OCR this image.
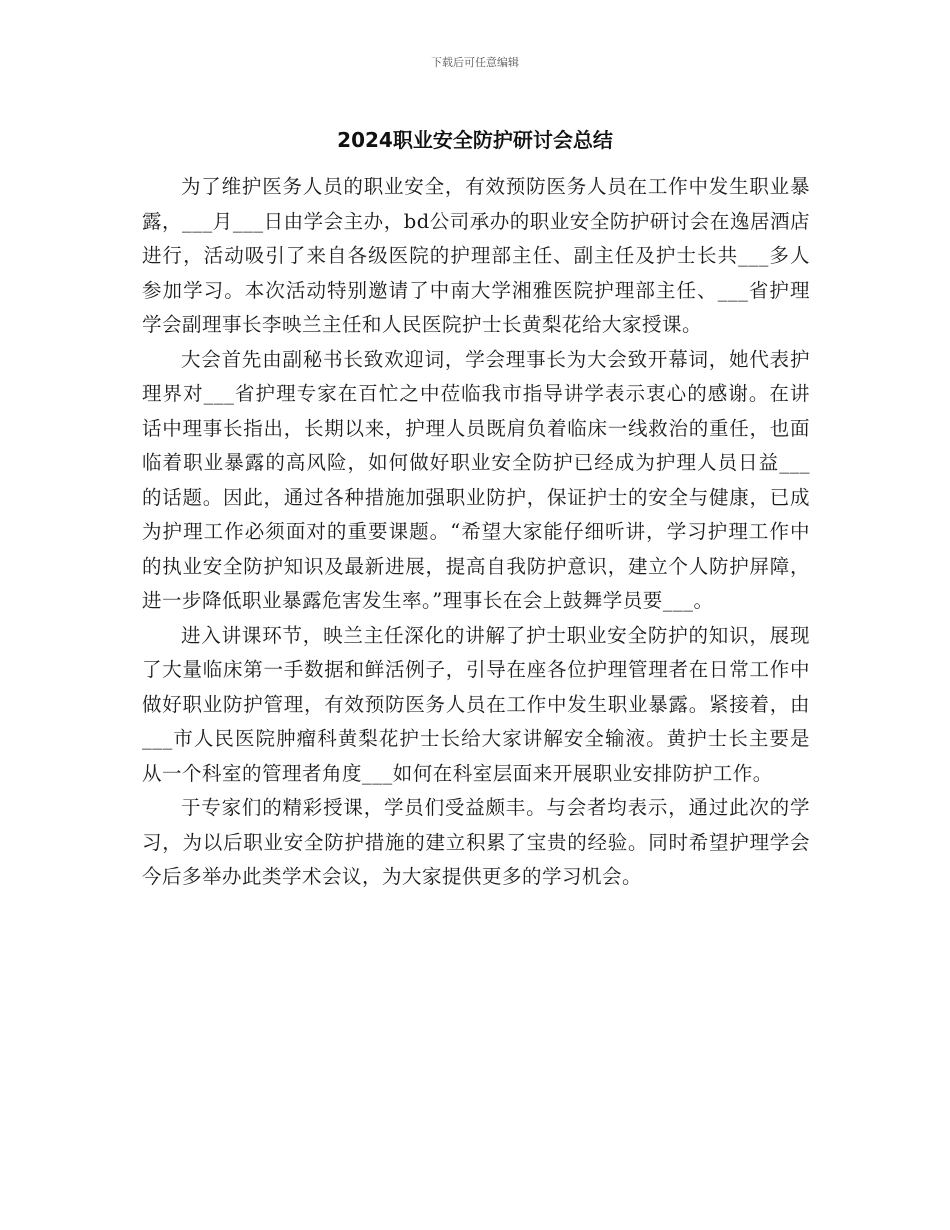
下载后可任意编辑
2024职业安全防护研讨会总结

为了维护医务人员的职业安全，有效预防医务人员在工作中发生职业暴露，___月___日由学会主办，bd公司承办的职业安全防护研讨会在逸居酒店进行，活动吸引了来自各级医院的护理部主任、副主任及护士长共___多人参加学习。本次活动特别邀请了中南大学湘雅医院护理部主任、___省护理学会副理事长李映兰主任和人民医院护士长黄梨花给大家授课。

大会首先由副秘书长致欢迎词，学会理事长为大会致开幕词，她代表护理界对___省护理专家在百忙之中莅临我市指导讲学表示衷心的感谢。在讲话中理事长指出，长期以来，护理人员既肩负着临床一线救治的重任，也面临着职业暴露的高风险，如何做好职业安全防护已经成为护理人员日益___的话题。因此，通过各种措施加强职业防护，保证护士的安全与健康，已成为护理工作必须面对的重要课题。“希望大家能仔细听讲，学习护理工作中的执业安全防护知识及最新进展，提高自我防护意识，建立个人防护屏障，进一步降低职业暴露危害发生率。”理事长在会上鼓舞学员要___。

进入讲课环节，映兰主任深化的讲解了护士职业安全防护的知识，展现了大量临床第一手数据和鲜活例子，引导在座各位护理管理者在日常工作中做好职业防护管理，有效预防医务人员在工作中发生职业暴露。紧接着，由___市人民医院肿瘤科黄梨花护士长给大家讲解安全输液。黄护士长主要是从一个科室的管理者角度___如何在科室层面来开展职业安排防护工作。

于专家们的精彩授课，学员们受益颇丰。与会者均表示，通过此次的学习，为以后职业安全防护措施的建立积累了宝贵的经验。同时希望护理学会今后多举办此类学术会议，为大家提供更多的学习机会。
